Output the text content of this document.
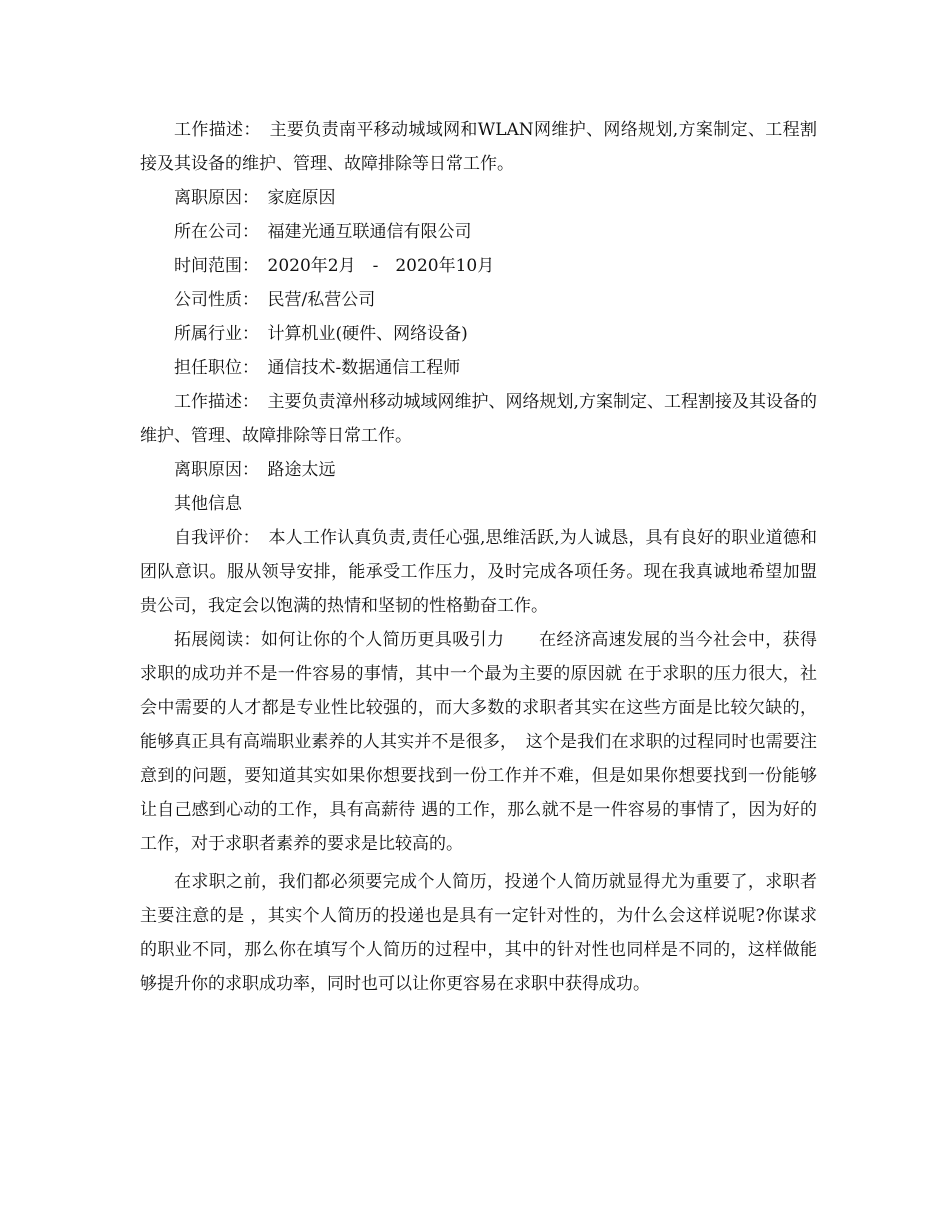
工作描述：　主要负责南平移动城域网和WLAN网维护、网络规划,方案制定、工程割接及其设备的维护、管理、故障排除等日常工作。

离职原因：　家庭原因

所在公司：　福建光通互联通信有限公司

时间范围：　2020年2月　-　2020年10月

公司性质：　民营/私营公司

所属行业：　计算机业(硬件、网络设备)

担任职位：　通信技术-数据通信工程师

工作描述：　主要负责漳州移动城域网维护、网络规划,方案制定、工程割接及其设备的维护、管理、故障排除等日常工作。

离职原因：　路途太远

其他信息

自我评价：　本人工作认真负责,责任心强,思维活跃,为人诚恳，具有良好的职业道德和团队意识。服从领导安排，能承受工作压力，及时完成各项任务。现在我真诚地希望加盟贵公司，我定会以饱满的热情和坚韧的性格勤奋工作。

拓展阅读：如何让你的个人简历更具吸引力　　在经济高速发展的当今社会中，获得求职的成功并不是一件容易的事情，其中一个最为主要的原因就 在于求职的压力很大，社会中需要的人才都是专业性比较强的，而大多数的求职者其实在这些方面是比较欠缺的，能够真正具有高端职业素养的人其实并不是很多，　这个是我们在求职的过程同时也需要注意到的问题，要知道其实如果你想要找到一份工作并不难，但是如果你想要找到一份能够让自己感到心动的工作，具有高薪待 遇的工作，那么就不是一件容易的事情了，因为好的工作，对于求职者素养的要求是比较高的。

在求职之前，我们都必须要完成个人简历，投递个人简历就显得尤为重要了，求职者主要注意的是 ，其实个人简历的投递也是具有一定针对性的，为什么会这样说呢?你谋求的职业不同，那么你在填写个人简历的过程中，其中的针对性也同样是不同的，这样做能够提升你的求职成功率，同时也可以让你更容易在求职中获得成功。
